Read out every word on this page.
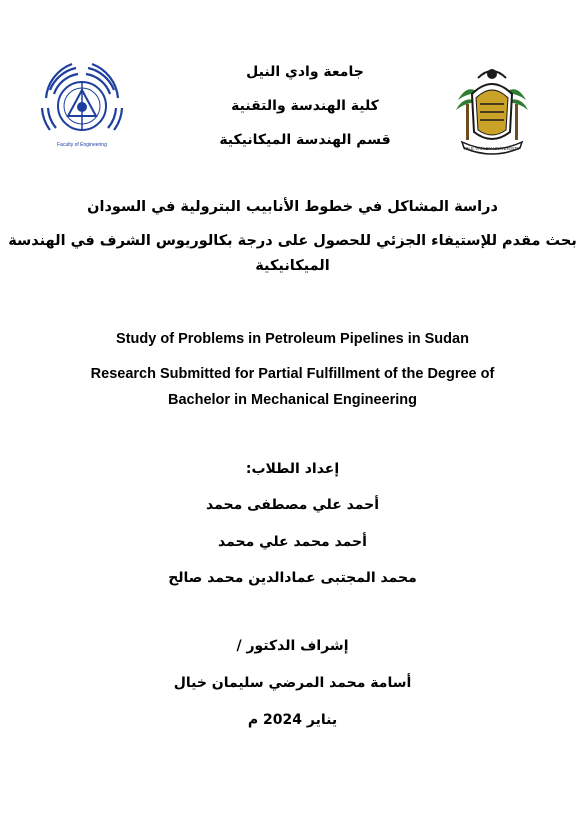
Faculty of Engineering
NILE VALLEY UNIVERSITY
جامعة وادي النيل
كلية الهندسة والتقنية
قسم الهندسة الميكانيكية
دراسة المشاكل في خطوط الأنابيب البترولية في السودان
بحث مقدم للإستيفاء الجزئي للحصول على درجة بكالوريوس الشرف في الهندسة
الميكانيكية
Study of Problems in Petroleum Pipelines in Sudan
Research Submitted for Partial Fulfillment of the Degree of
Bachelor in Mechanical Engineering
إعداد الطلاب:
أحمد علي مصطفى محمد
أحمد محمد علي محمد
محمد المجتبى عمادالدين محمد صالح
إشراف الدكتور /
أسامة محمد المرضي سليمان خيال
يناير 2024 م
